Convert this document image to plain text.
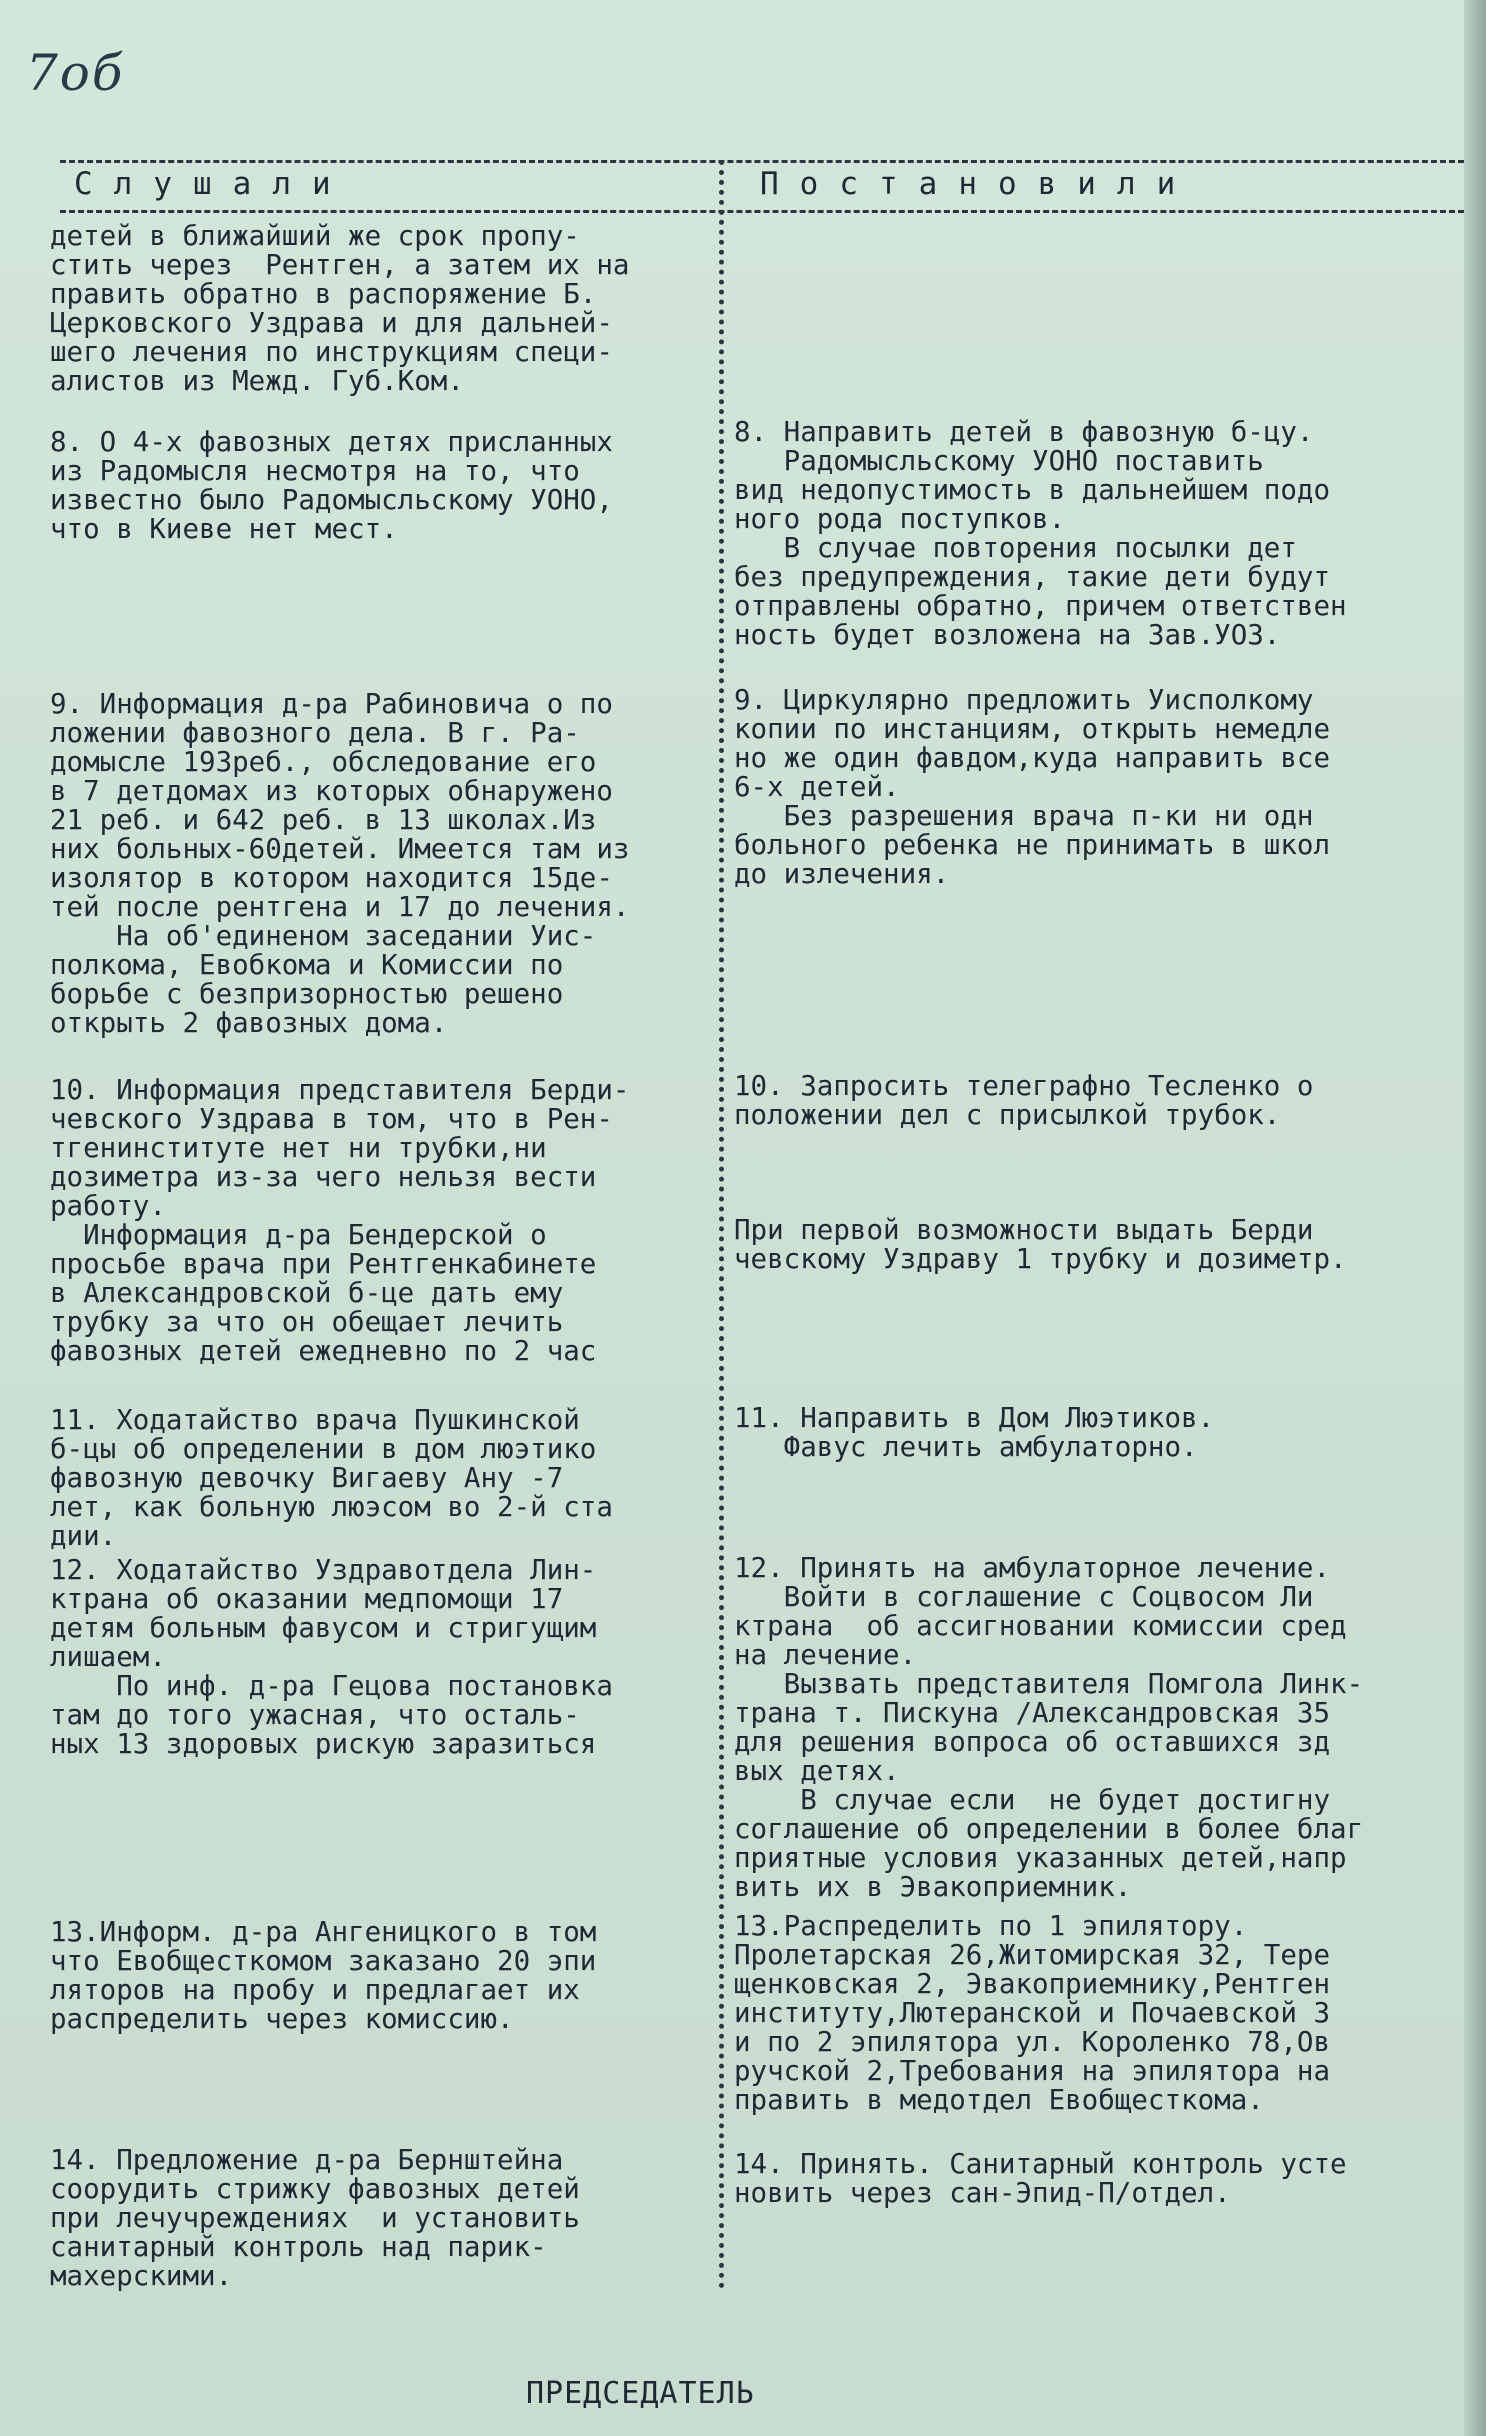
7об
Слушали	Постановили
детей в ближайший же срок пропу-
стить через  Рентген, а затем их на
править обратно в распоряжение Б.
Церковского Уздрава и для дальней-
шего лечения по инструкциям специ-
алистов из Межд. Губ.Ком.
8. О 4-х фавозных детях присланных
из Радомысля несмотря на то, что
известно было Радомысльскому УОНО,
что в Киеве нет мест.
9. Информация д-ра Рабиновича о по
ложении фавозного дела. В г. Ра-
домысле 193реб., обследование его
в 7 детдомах из которых обнаружено
21 реб. и 642 реб. в 13 школах.Из
них больных-60детей. Имеется там из
изолятор в котором находится 15де-
тей после рентгена и 17 до лечения.
На об'единеном заседании Уис-
полкома, Евобкома и Комиссии по
борьбе с безпризорностью решено
открыть 2 фавозных дома.
10. Информация представителя Берди-
чевского Уздрава в том, что в Рен-
тгенинституте нет ни трубки,ни
дозиметра из-за чего нельзя вести
работу.
Информация д-ра Бендерской о
просьбе врача при Рентгенкабинете
в Александровской б-це дать ему
трубку за что он обещает лечить
фавозных детей ежедневно по 2 час
11. Ходатайство врача Пушкинской
б-цы об определении в дом люэтико
фавозную девочку Вигаеву Ану -7
лет, как больную люэсом во 2-й ста
дии.
12. Ходатайство Уздравотдела Лин-
ктрана об оказании медпомощи 17
детям больным фавусом и стригущим
лишаем.
По инф. д-ра Гецова постановка
там до того ужасная, что осталь-
ных 13 здоровых рискую заразиться
13.Информ. д-ра Ангеницкого в том
что Евобщесткомом заказано 20 эпи
ляторов на пробу и предлагает их
распределить через комиссию.
14. Предложение д-ра Бернштейна
соорудить стрижку фавозных детей
при лечучреждениях  и установить
санитарный контроль над парик-
махерскими.
8. Направить детей в фавозную б-цу.
Радомысльскому УОНО поставить
вид недопустимость в дальнейшем подо
ного рода поступков.
В случае повторения посылки дет
без предупреждения, такие дети будут
отправлены обратно, причем ответствен
ность будет возложена на Зав.УОЗ.
9. Циркулярно предложить Уисполкому
копии по инстанциям, открыть немедле
но же один фавдом,куда направить все
6-х детей.
Без разрешения врача п-ки ни одн
больного ребенка не принимать в школ
до излечения.
10. Запросить телеграфно Тесленко о
положении дел с присылкой трубок.
При первой возможности выдать Берди
чевскому Уздраву 1 трубку и дозиметр.
11. Направить в Дом Люэтиков.
Фавус лечить амбулаторно.
12. Принять на амбулаторное лечение.
Войти в соглашение с Соцвосом Ли
ктрана  об ассигновании комиссии сред
на лечение.
Вызвать представителя Помгола Линк-
трана т. Пискуна /Александровская 35
для решения вопроса об оставшихся зд
вых детях.
В случае если  не будет достигну
соглашение об определении в более благ
приятные условия указанных детей,напр
вить их в Эвакоприемник.
13.Распределить по 1 эпилятору.
Пролетарская 26,Житомирская 32, Тере
щенковская 2, Эвакоприемнику,Рентген
институту,Лютеранской и Почаевской 3
и по 2 эпилятора ул. Короленко 78,Ов
ручской 2,Требования на эпилятора на
править в медотдел Евобщесткома.
14. Принять. Санитарный контроль усте
новить через сан-Эпид-П/отдел.
ПРЕДСЕДАТЕЛЬ
